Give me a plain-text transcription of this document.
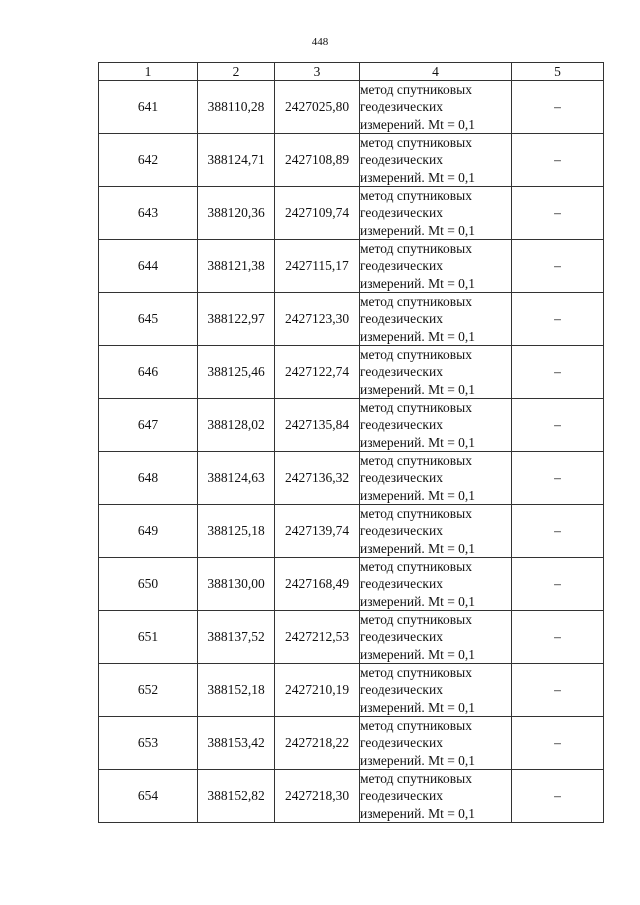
448
1	2	3	4	5
641	388110,28	2427025,80	метод спутниковых
геодезических
измерений. Mt = 0,1	–
642	388124,71	2427108,89	метод спутниковых
геодезических
измерений. Mt = 0,1	–
643	388120,36	2427109,74	метод спутниковых
геодезических
измерений. Mt = 0,1	–
644	388121,38	2427115,17	метод спутниковых
геодезических
измерений. Mt = 0,1	–
645	388122,97	2427123,30	метод спутниковых
геодезических
измерений. Mt = 0,1	–
646	388125,46	2427122,74	метод спутниковых
геодезических
измерений. Mt = 0,1	–
647	388128,02	2427135,84	метод спутниковых
геодезических
измерений. Mt = 0,1	–
648	388124,63	2427136,32	метод спутниковых
геодезических
измерений. Mt = 0,1	–
649	388125,18	2427139,74	метод спутниковых
геодезических
измерений. Mt = 0,1	–
650	388130,00	2427168,49	метод спутниковых
геодезических
измерений. Mt = 0,1	–
651	388137,52	2427212,53	метод спутниковых
геодезических
измерений. Mt = 0,1	–
652	388152,18	2427210,19	метод спутниковых
геодезических
измерений. Mt = 0,1	–
653	388153,42	2427218,22	метод спутниковых
геодезических
измерений. Mt = 0,1	–
654	388152,82	2427218,30	метод спутниковых
геодезических
измерений. Mt = 0,1	–
